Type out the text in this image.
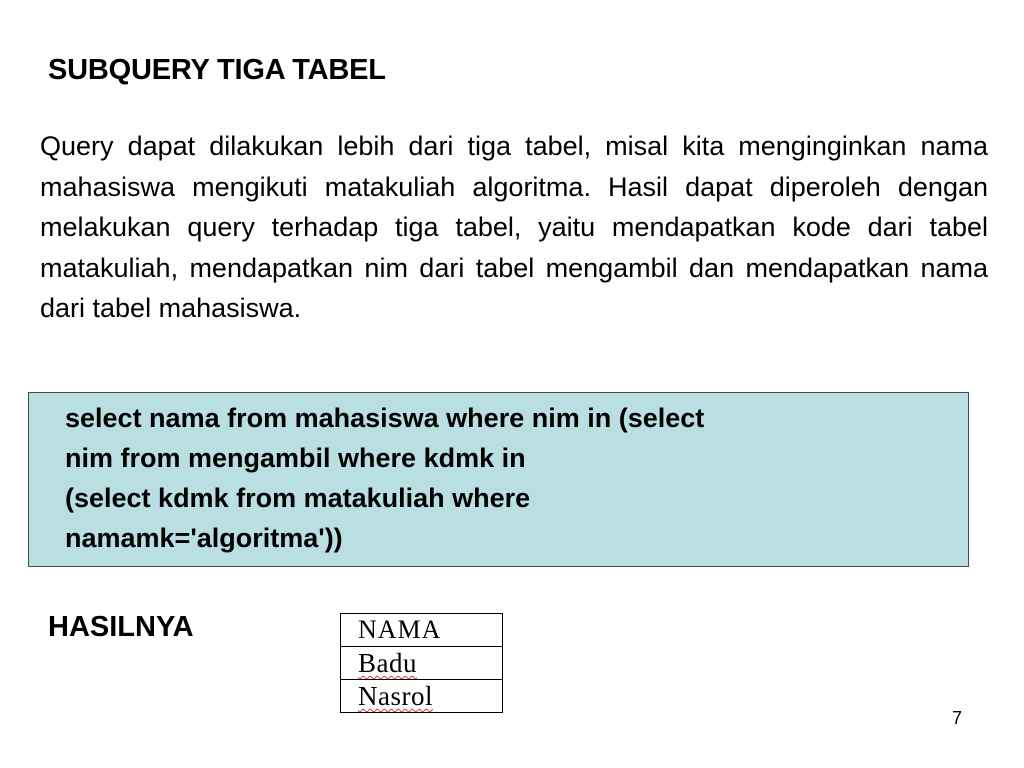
SUBQUERY TIGA TABEL

Query dapat dilakukan lebih dari tiga tabel, misal kita menginginkan nama mahasiswa mengikuti matakuliah algoritma. Hasil dapat diperoleh dengan melakukan query terhadap tiga tabel, yaitu mendapatkan kode dari tabel matakuliah, mendapatkan nim dari tabel mengambil dan mendapatkan nama dari tabel mahasiswa.

select nama from mahasiswa where nim in (select
nim from mengambil where kdmk in
(select kdmk from matakuliah where
namamk='algoritma'))
HASILNYA	NAMA
Badu
Nasrol
7
